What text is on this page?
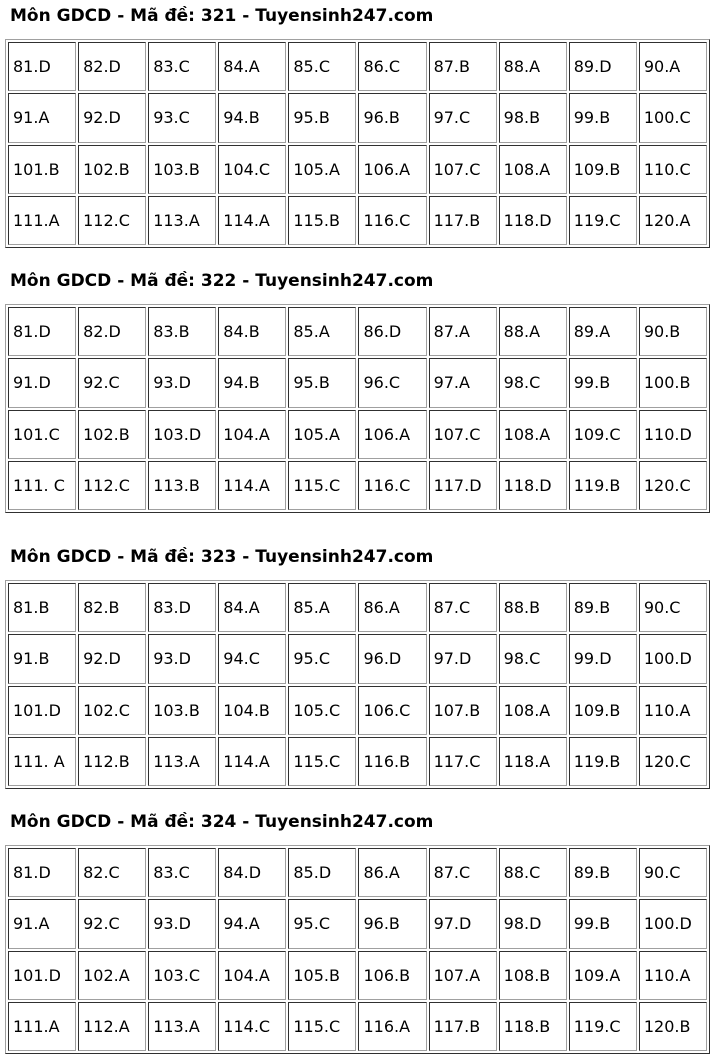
Môn GDCD - Mã đề: 321 - Tuyensinh247.com
81.D	82.D	83.C	84.A	85.C	86.C	87.B	88.A	89.D	90.A
91.A	92.D	93.C	94.B	95.B	96.B	97.C	98.B	99.B	100.C
101.B	102.B	103.B	104.C	105.A	106.A	107.C	108.A	109.B	110.C
111.A	112.C	113.A	114.A	115.B	116.C	117.B	118.D	119.C	120.A
Môn GDCD - Mã đề: 322 - Tuyensinh247.com
81.D	82.D	83.B	84.B	85.A	86.D	87.A	88.A	89.A	90.B
91.D	92.C	93.D	94.B	95.B	96.C	97.A	98.C	99.B	100.B
101.C	102.B	103.D	104.A	105.A	106.A	107.C	108.A	109.C	110.D
111. C	112.C	113.B	114.A	115.C	116.C	117.D	118.D	119.B	120.C
Môn GDCD - Mã đề: 323 - Tuyensinh247.com
81.B	82.B	83.D	84.A	85.A	86.A	87.C	88.B	89.B	90.C
91.B	92.D	93.D	94.C	95.C	96.D	97.D	98.C	99.D	100.D
101.D	102.C	103.B	104.B	105.C	106.C	107.B	108.A	109.B	110.A
111. A	112.B	113.A	114.A	115.C	116.B	117.C	118.A	119.B	120.C
Môn GDCD - Mã đề: 324 - Tuyensinh247.com
81.D	82.C	83.C	84.D	85.D	86.A	87.C	88.C	89.B	90.C
91.A	92.C	93.D	94.A	95.C	96.B	97.D	98.D	99.B	100.D
101.D	102.A	103.C	104.A	105.B	106.B	107.A	108.B	109.A	110.A
111.A	112.A	113.A	114.C	115.C	116.A	117.B	118.B	119.C	120.B
